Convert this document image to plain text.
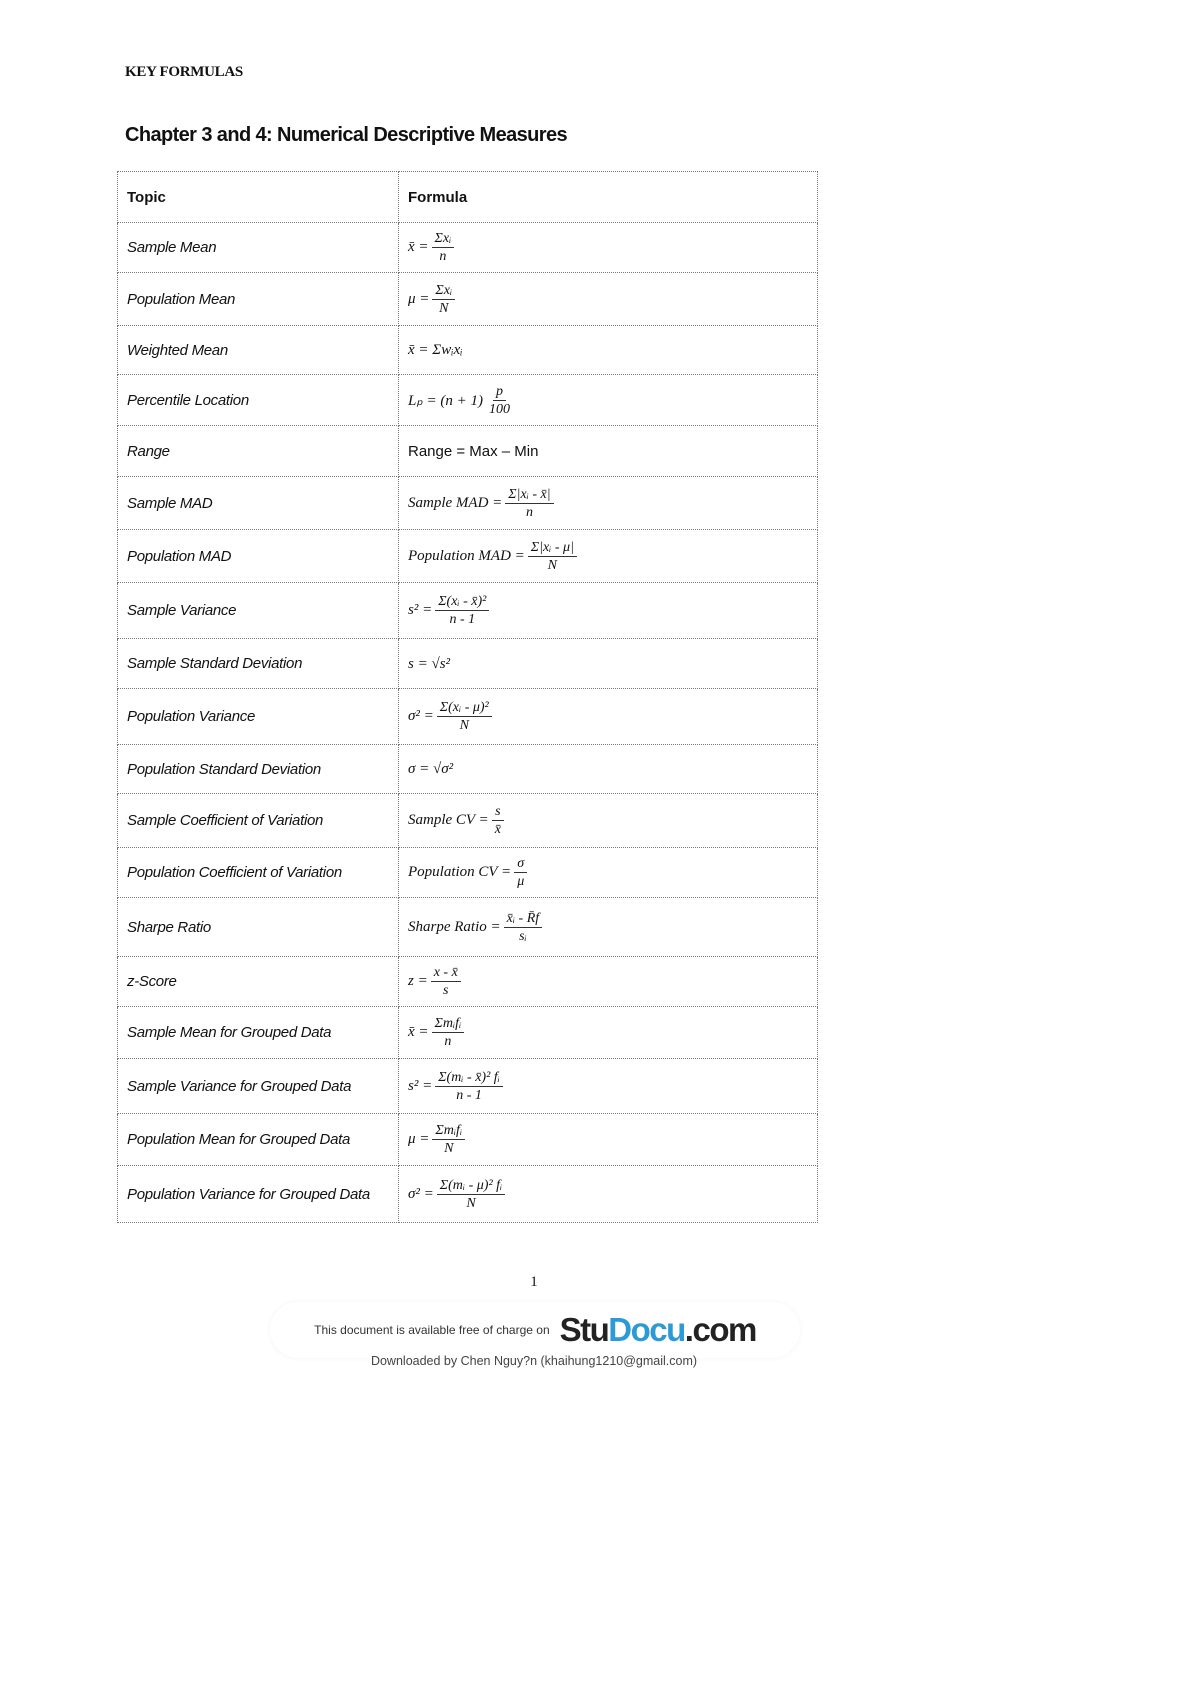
KEY FORMULAS
Chapter 3 and 4: Numerical Descriptive Measures
Topic	Formula
Sample Mean	x̄ = $\frac{\text{Σxᵢ}}{n}$

Population Mean	$\mu = \frac{\text{Σxᵢ}}{N}$

Weighted Mean	x̄ = Σwᵢxᵢ

Percentile Location	$L_p = (n + 1) \frac{p}{100}$

Range	Range = Max – Min

Sample MAD	Sample MAD = $\frac{\text{Σ|xᵢ - x̄|}}{n}$

Population MAD	Population MAD = $\frac{\text{Σ|xᵢ - μ|}}{N}$

Sample Variance	$s^2 = \frac{\text{Σ(xᵢ - x̄)²}}{n - 1}$

Sample Standard Deviation	s = √s²

Population Variance	$\sigma^2 = \frac{\text{Σ(xᵢ - μ)²}}{N}$

Population Standard Deviation	σ = √σ²

Sample Coefficient of Variation	Sample CV = $\frac{s}{x̄}$

Population Coefficient of Variation	Population CV = $\frac{\sigma}{\mu}$

Sharpe Ratio	Sharpe Ratio = $\frac{\text{x̄ᵢ - R̄f}}{\text{sᵢ}}$

z-Score	$z = \frac{x - x̄}{s}$

Sample Mean for Grouped Data	x̄ = $\frac{\text{Σmᵢfᵢ}}{n}$

Sample Variance for Grouped Data	$s^2 = \frac{\text{Σ(mᵢ - x̄)² fᵢ}}{n - 1}$

Population Mean for Grouped Data	$\mu = \frac{\text{Σmᵢfᵢ}}{N}$

Population Variance for Grouped Data	$\sigma^2 = \frac{\text{Σ(mᵢ - μ)² fᵢ}}{N}$
1
This document is available free of charge on StuDocu.com
Downloaded by Chen Nguy?n (khaihung1210@gmail.com)
